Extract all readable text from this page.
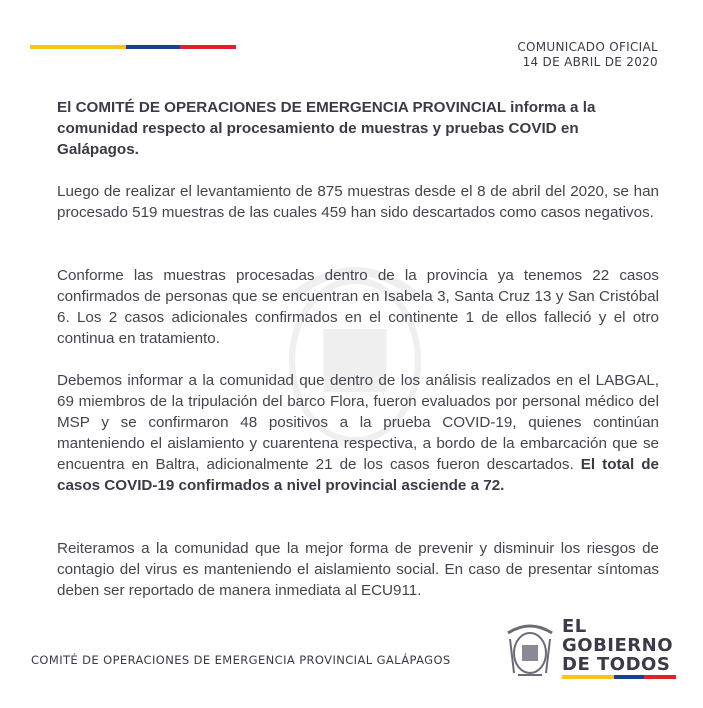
COMUNICADO OFICIAL
14 DE ABRIL DE 2020

El COMITÉ DE OPERACIONES DE EMERGENCIA PROVINCIAL informa a la comunidad respecto al procesamiento de muestras y pruebas COVID en Galápagos.

Luego de realizar el levantamiento de 875 muestras desde el 8 de abril del 2020, se han procesado 519 muestras de las cuales 459 han sido descartados como casos negativos.

Conforme las muestras procesadas dentro de la provincia ya tenemos 22 casos confirmados de personas que se encuentran en Isabela 3, Santa Cruz 13 y San Cristóbal 6. Los 2 casos adicionales confirmados en el continente 1 de ellos falleció y el otro continua en tratamiento.

Debemos informar a la comunidad que dentro de los análisis realizados en el LABGAL, 69 miembros de la tripulación del barco Flora, fueron evaluados por personal médico del MSP y se confirmaron 48 positivos a la prueba COVID-19, quienes continúan manteniendo el aislamiento y cuarentena respectiva, a bordo de la embarcación que se encuentra en Baltra, adicionalmente 21 de los casos fueron descartados. El total de casos COVID-19 confirmados a nivel provincial asciende a 72.

Reiteramos a la comunidad que la mejor forma de prevenir y disminuir los riesgos de contagio del virus es manteniendo el aislamiento social. En caso de presentar síntomas deben ser reportado de manera inmediata al ECU911.

COMITÉ DE OPERACIONES DE EMERGENCIA PROVINCIAL GALÁPAGOS
EL
GOBIERNO
DE TODOS
